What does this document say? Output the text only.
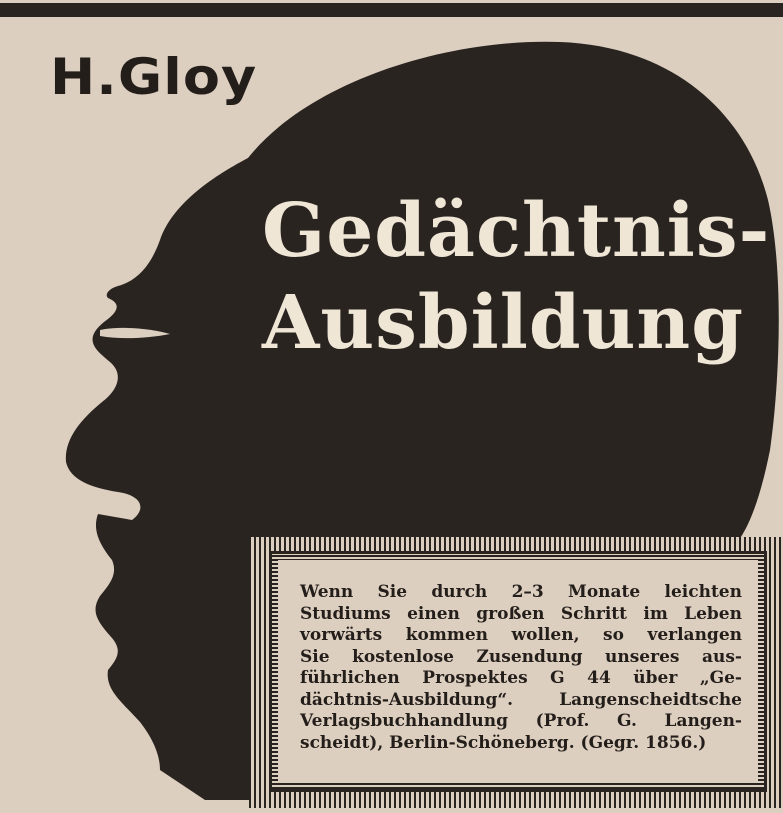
H.Gloy
Gedächtnis-
Ausbildung
Wenn Sie durch 2–3 Monate leichten
Studiums einen großen Schritt im Leben
vorwärts kommen wollen, so verlangen
Sie kostenlose Zusendung unseres aus-
führlichen Prospektes G 44 über „Ge-
dächtnis-Ausbildung“. Langenscheidtsche
Verlagsbuchhandlung (Prof. G. Langen-
scheidt), Berlin-Schöneberg. (Gegr. 1856.)
